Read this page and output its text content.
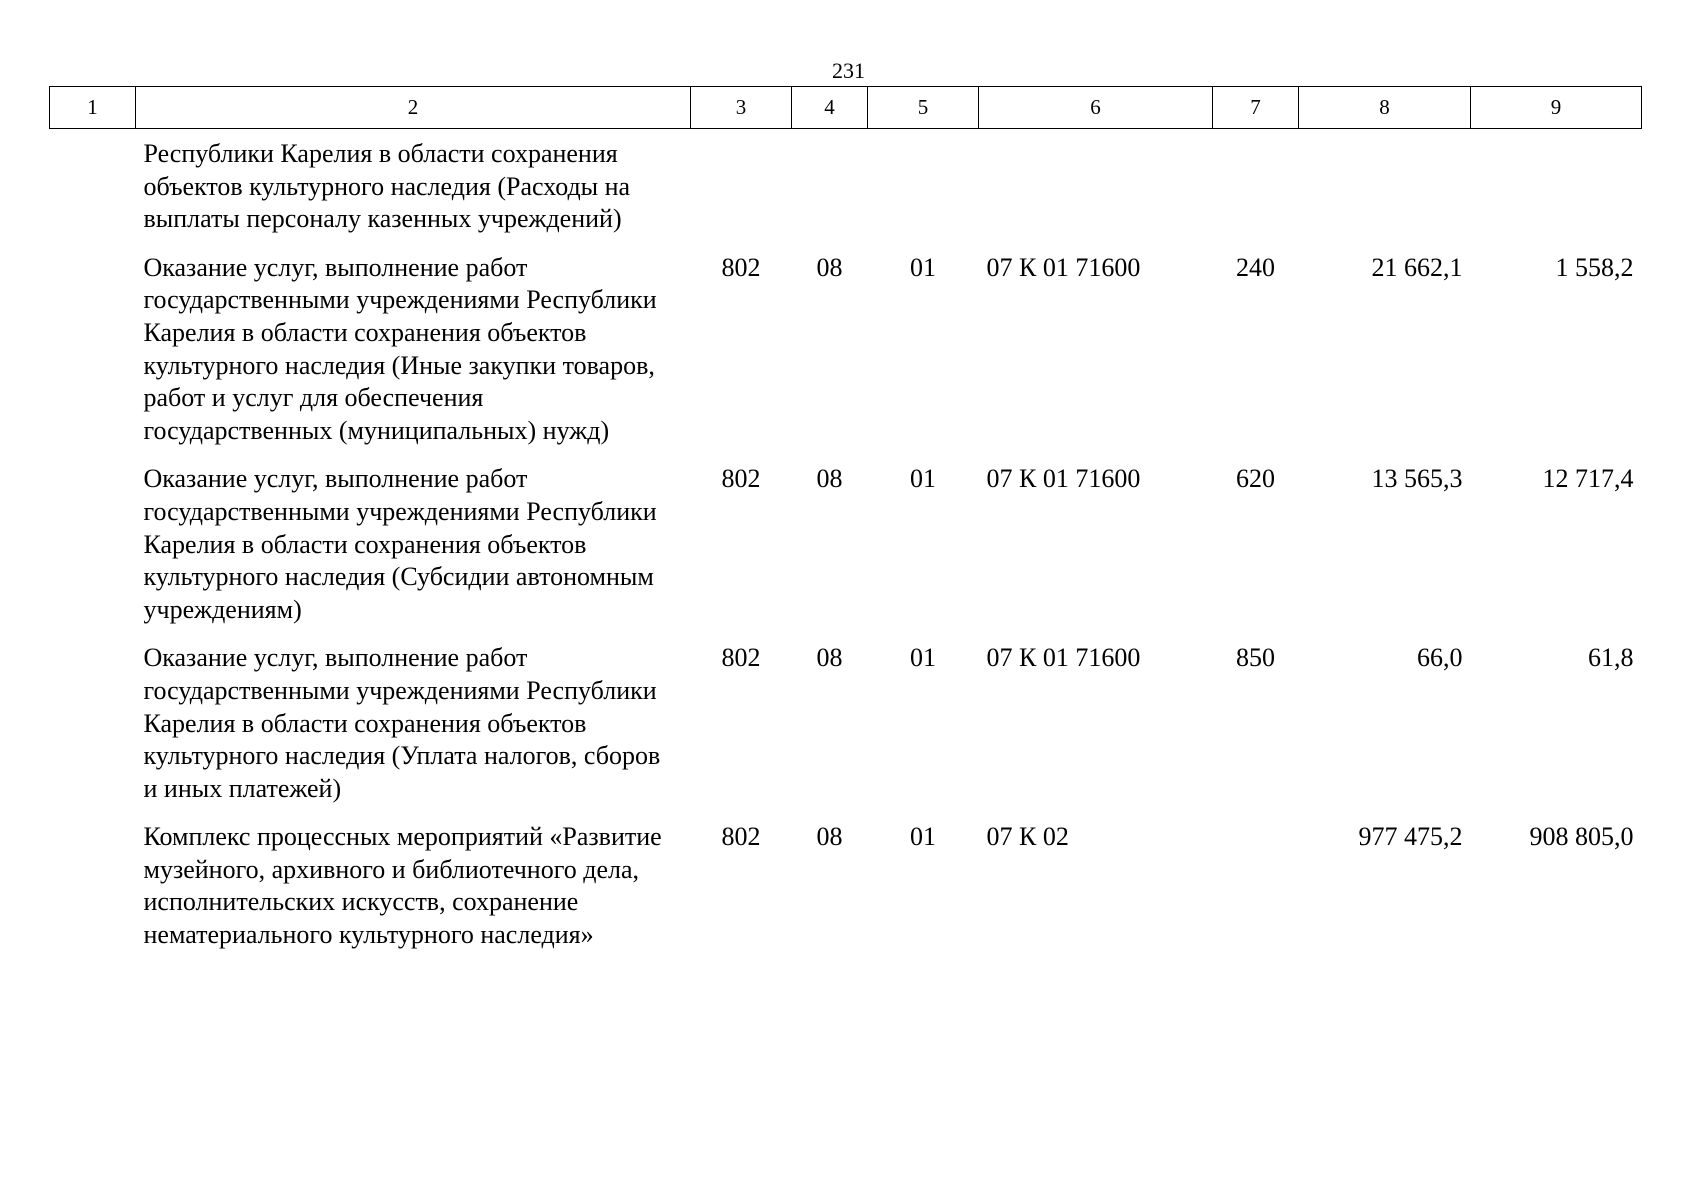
231
1	2	3	4	5	6	7	8	9
	Республики Карелия в области сохранения объектов культурного наследия (Расходы на выплаты персоналу казенных учреждений)							
	Оказание услуг, выполнение работ государственными учреждениями Республики Карелия в области сохранения объектов культурного наследия (Иные закупки товаров, работ и услуг для обеспечения государственных (муниципальных) нужд)	802	08	01	07 К 01 71600	240	21 662,1	1 558,2
	Оказание услуг, выполнение работ государственными учреждениями Республики Карелия в области сохранения объектов культурного наследия (Субсидии автономным учреждениям)	802	08	01	07 К 01 71600	620	13 565,3	12 717,4
	Оказание услуг, выполнение работ государственными учреждениями Республики Карелия в области сохранения объектов культурного наследия (Уплата налогов, сборов и иных платежей)	802	08	01	07 К 01 71600	850	66,0	61,8
	Комплекс процессных мероприятий «Развитие музейного, архивного и библиотечного дела, исполнительских искусств, сохранение нематериального культурного наследия»	802	08	01	07 К 02		977 475,2	908 805,0
